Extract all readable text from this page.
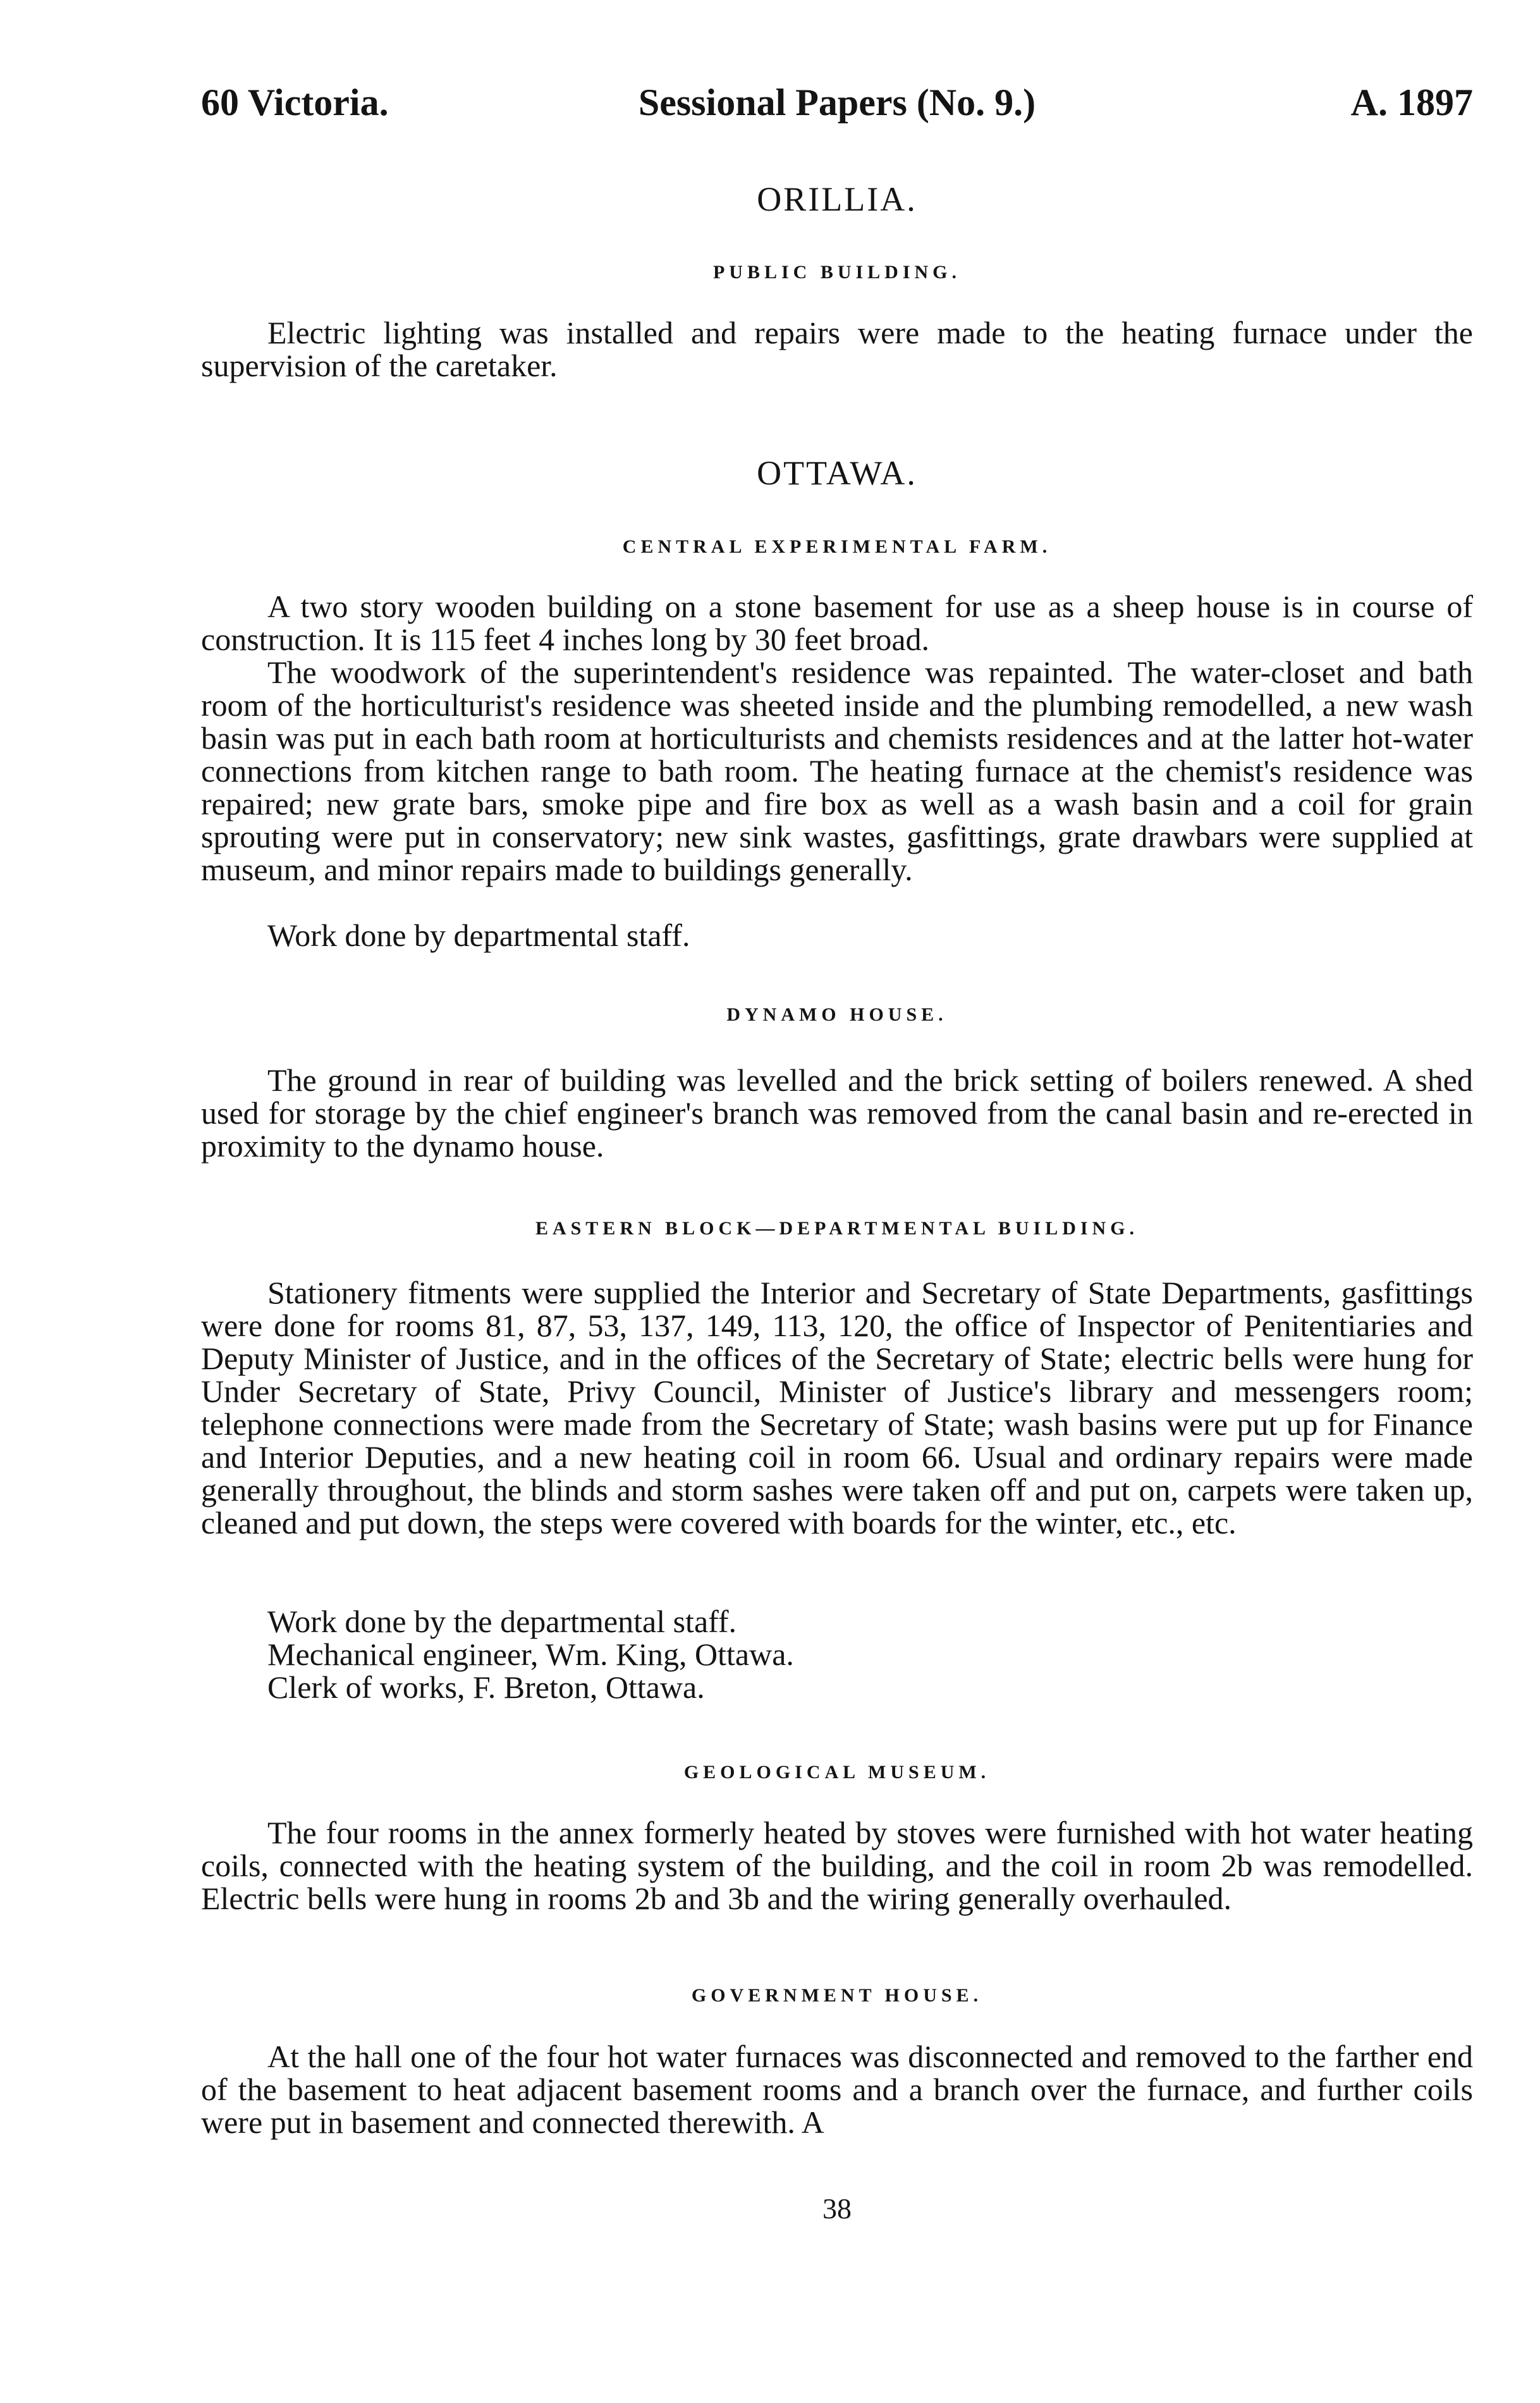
60 Victoria.	Sessional Papers (No. 9.)	A. 1897
ORILLIA.
PUBLIC BUILDING.

Electric lighting was installed and repairs were made to the heating furnace under the supervision of the caretaker.

OTTAWA.
CENTRAL EXPERIMENTAL FARM.

A two story wooden building on a stone basement for use as a sheep house is in course of construction. It is 115 feet 4 inches long by 30 feet broad.

The woodwork of the superintendent's residence was repainted. The water-closet and bath room of the horticulturist's residence was sheeted inside and the plumbing remodelled, a new wash basin was put in each bath room at horticulturists and chemists residences and at the latter hot-water connections from kitchen range to bath room. The heating furnace at the chemist's residence was repaired; new grate bars, smoke pipe and fire box as well as a wash basin and a coil for grain sprouting were put in conservatory; new sink wastes, gasfittings, grate drawbars were supplied at museum, and minor repairs made to buildings generally.

Work done by departmental staff.

DYNAMO HOUSE.

The ground in rear of building was levelled and the brick setting of boilers renewed. A shed used for storage by the chief engineer's branch was removed from the canal basin and re-erected in proximity to the dynamo house.

EASTERN BLOCK—DEPARTMENTAL BUILDING.

Stationery fitments were supplied the Interior and Secretary of State Departments, gasfittings were done for rooms 81, 87, 53, 137, 149, 113, 120, the office of Inspector of Penitentiaries and Deputy Minister of Justice, and in the offices of the Secretary of State; electric bells were hung for Under Secretary of State, Privy Council, Minister of Justice's library and messengers room; telephone connections were made from the Secretary of State; wash basins were put up for Finance and Interior Deputies, and a new heating coil in room 66. Usual and ordinary repairs were made generally throughout, the blinds and storm sashes were taken off and put on, carpets were taken up, cleaned and put down, the steps were covered with boards for the winter, etc., etc.

Work done by the departmental staff.

Mechanical engineer, Wm. King, Ottawa.

Clerk of works, F. Breton, Ottawa.

GEOLOGICAL MUSEUM.

The four rooms in the annex formerly heated by stoves were furnished with hot water heating coils, connected with the heating system of the building, and the coil in room 2b was remodelled. Electric bells were hung in rooms 2b and 3b and the wiring generally overhauled.

GOVERNMENT HOUSE.

At the hall one of the four hot water furnaces was disconnected and removed to the farther end of the basement to heat adjacent basement rooms and a branch over the furnace, and further coils were put in basement and connected therewith. A

38
